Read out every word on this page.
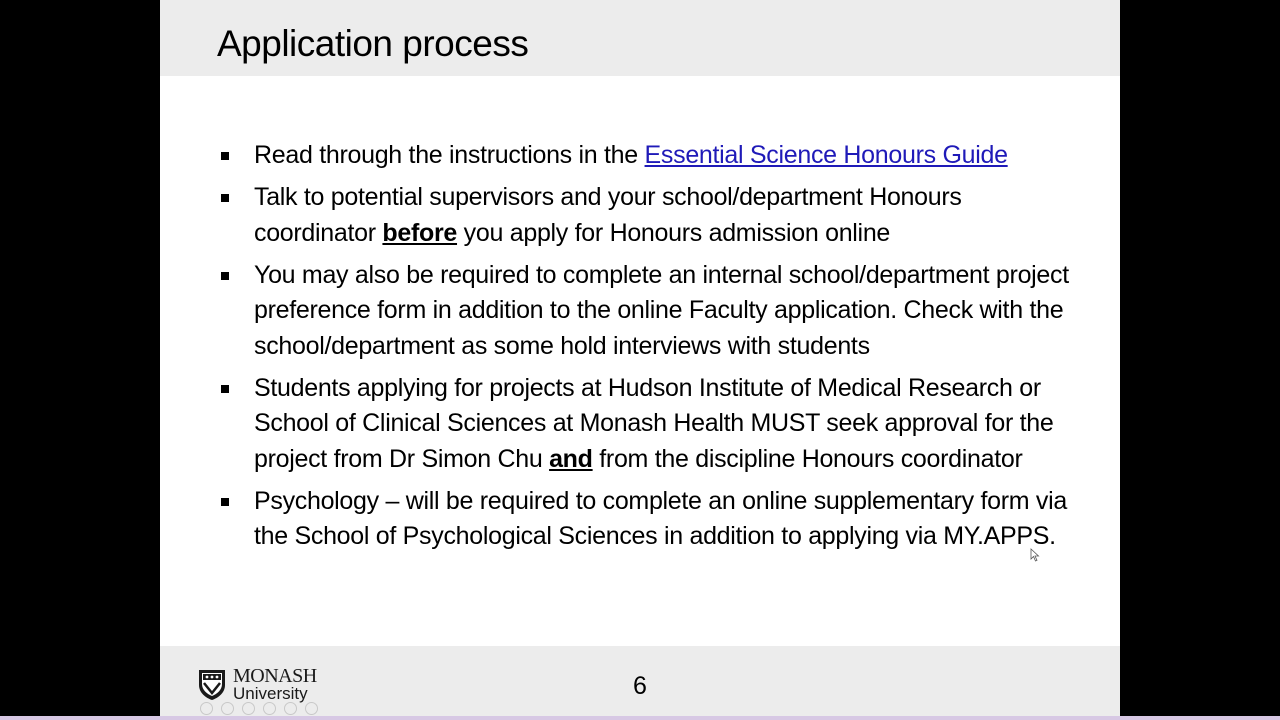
Application process
Read through the instructions in the Essential Science Honours Guide
Talk to potential supervisors and your school/department Honours coordinator before you apply for Honours admission online
You may also be required to complete an internal school/department project preference form in addition to the online Faculty application. Check with the school/department as some hold interviews with students
Students applying for projects at Hudson Institute of Medical Research or School of Clinical Sciences at Monash Health MUST seek approval for the project from Dr Simon Chu and from the discipline Honours coordinator
Psychology – will be required to complete an online supplementary form via the School of Psychological Sciences in addition to applying via MY.APPS.
MONASH
University	6
